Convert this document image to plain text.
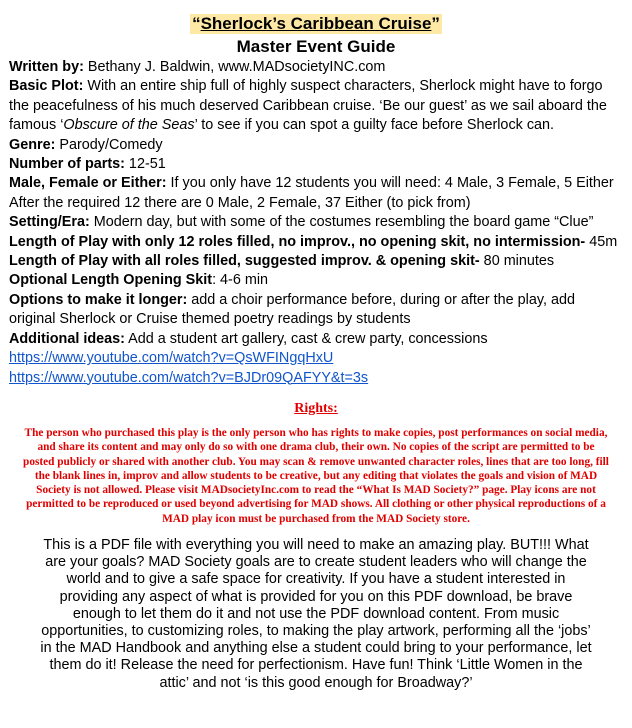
“Sherlock’s Caribbean Cruise”
Master Event Guide
Written by: Bethany J. Baldwin, www.MADsocietyINC.com
Basic Plot: With an entire ship full of highly suspect characters, Sherlock might have to forgo
the peacefulness of his much deserved Caribbean cruise. ‘Be our guest’ as we sail aboard the
famous ‘Obscure of the Seas’ to see if you can spot a guilty face before Sherlock can.
Genre: Parody/Comedy
Number of parts: 12-51
Male, Female or Either: If you only have 12 students you will need: 4 Male, 3 Female, 5 Either
After the required 12 there are 0 Male, 2 Female, 37 Either (to pick from)
Setting/Era: Modern day, but with some of the costumes resembling the board game “Clue”
Length of Play with only 12 roles filled, no improv., no opening skit, no intermission- 45m
Length of Play with all roles filled, suggested improv. & opening skit- 80 minutes
Optional Length Opening Skit: 4-6 min
Options to make it longer: add a choir performance before, during or after the play, add
original Sherlock or Cruise themed poetry readings by students
Additional ideas: Add a student art gallery, cast & crew party, concessions
https://www.youtube.com/watch?v=QsWFINgqHxU
https://www.youtube.com/watch?v=BJDr09QAFYY&t=3s
Rights:
The person who purchased this play is the only person who has rights to make copies, post performances on social media, and share its content and may only do so with one drama club, their own. No copies of the script are permitted to be posted publicly or shared with another club. You may scan & remove unwanted character roles, lines that are too long, fill the blank lines in, improv and allow students to be creative, but any editing that violates the goals and vision of MAD Society is not allowed. Please visit MADsocietyInc.com to read the “What Is MAD Society?” page. Play icons are not permitted to be reproduced or used beyond advertising for MAD shows. All clothing or other physical reproductions of a MAD play icon must be purchased from the MAD Society store.
This is a PDF file with everything you will need to make an amazing play. BUT!!! What are your goals? MAD Society goals are to create student leaders who will change the world and to give a safe space for creativity. If you have a student interested in providing any aspect of what is provided for you on this PDF download, be brave enough to let them do it and not use the PDF download content. From music opportunities, to customizing roles, to making the play artwork, performing all the ‘jobs’ in the MAD Handbook and anything else a student could bring to your performance, let them do it! Release the need for perfectionism. Have fun! Think ‘Little Women in the attic’ and not ‘is this good enough for Broadway?’
